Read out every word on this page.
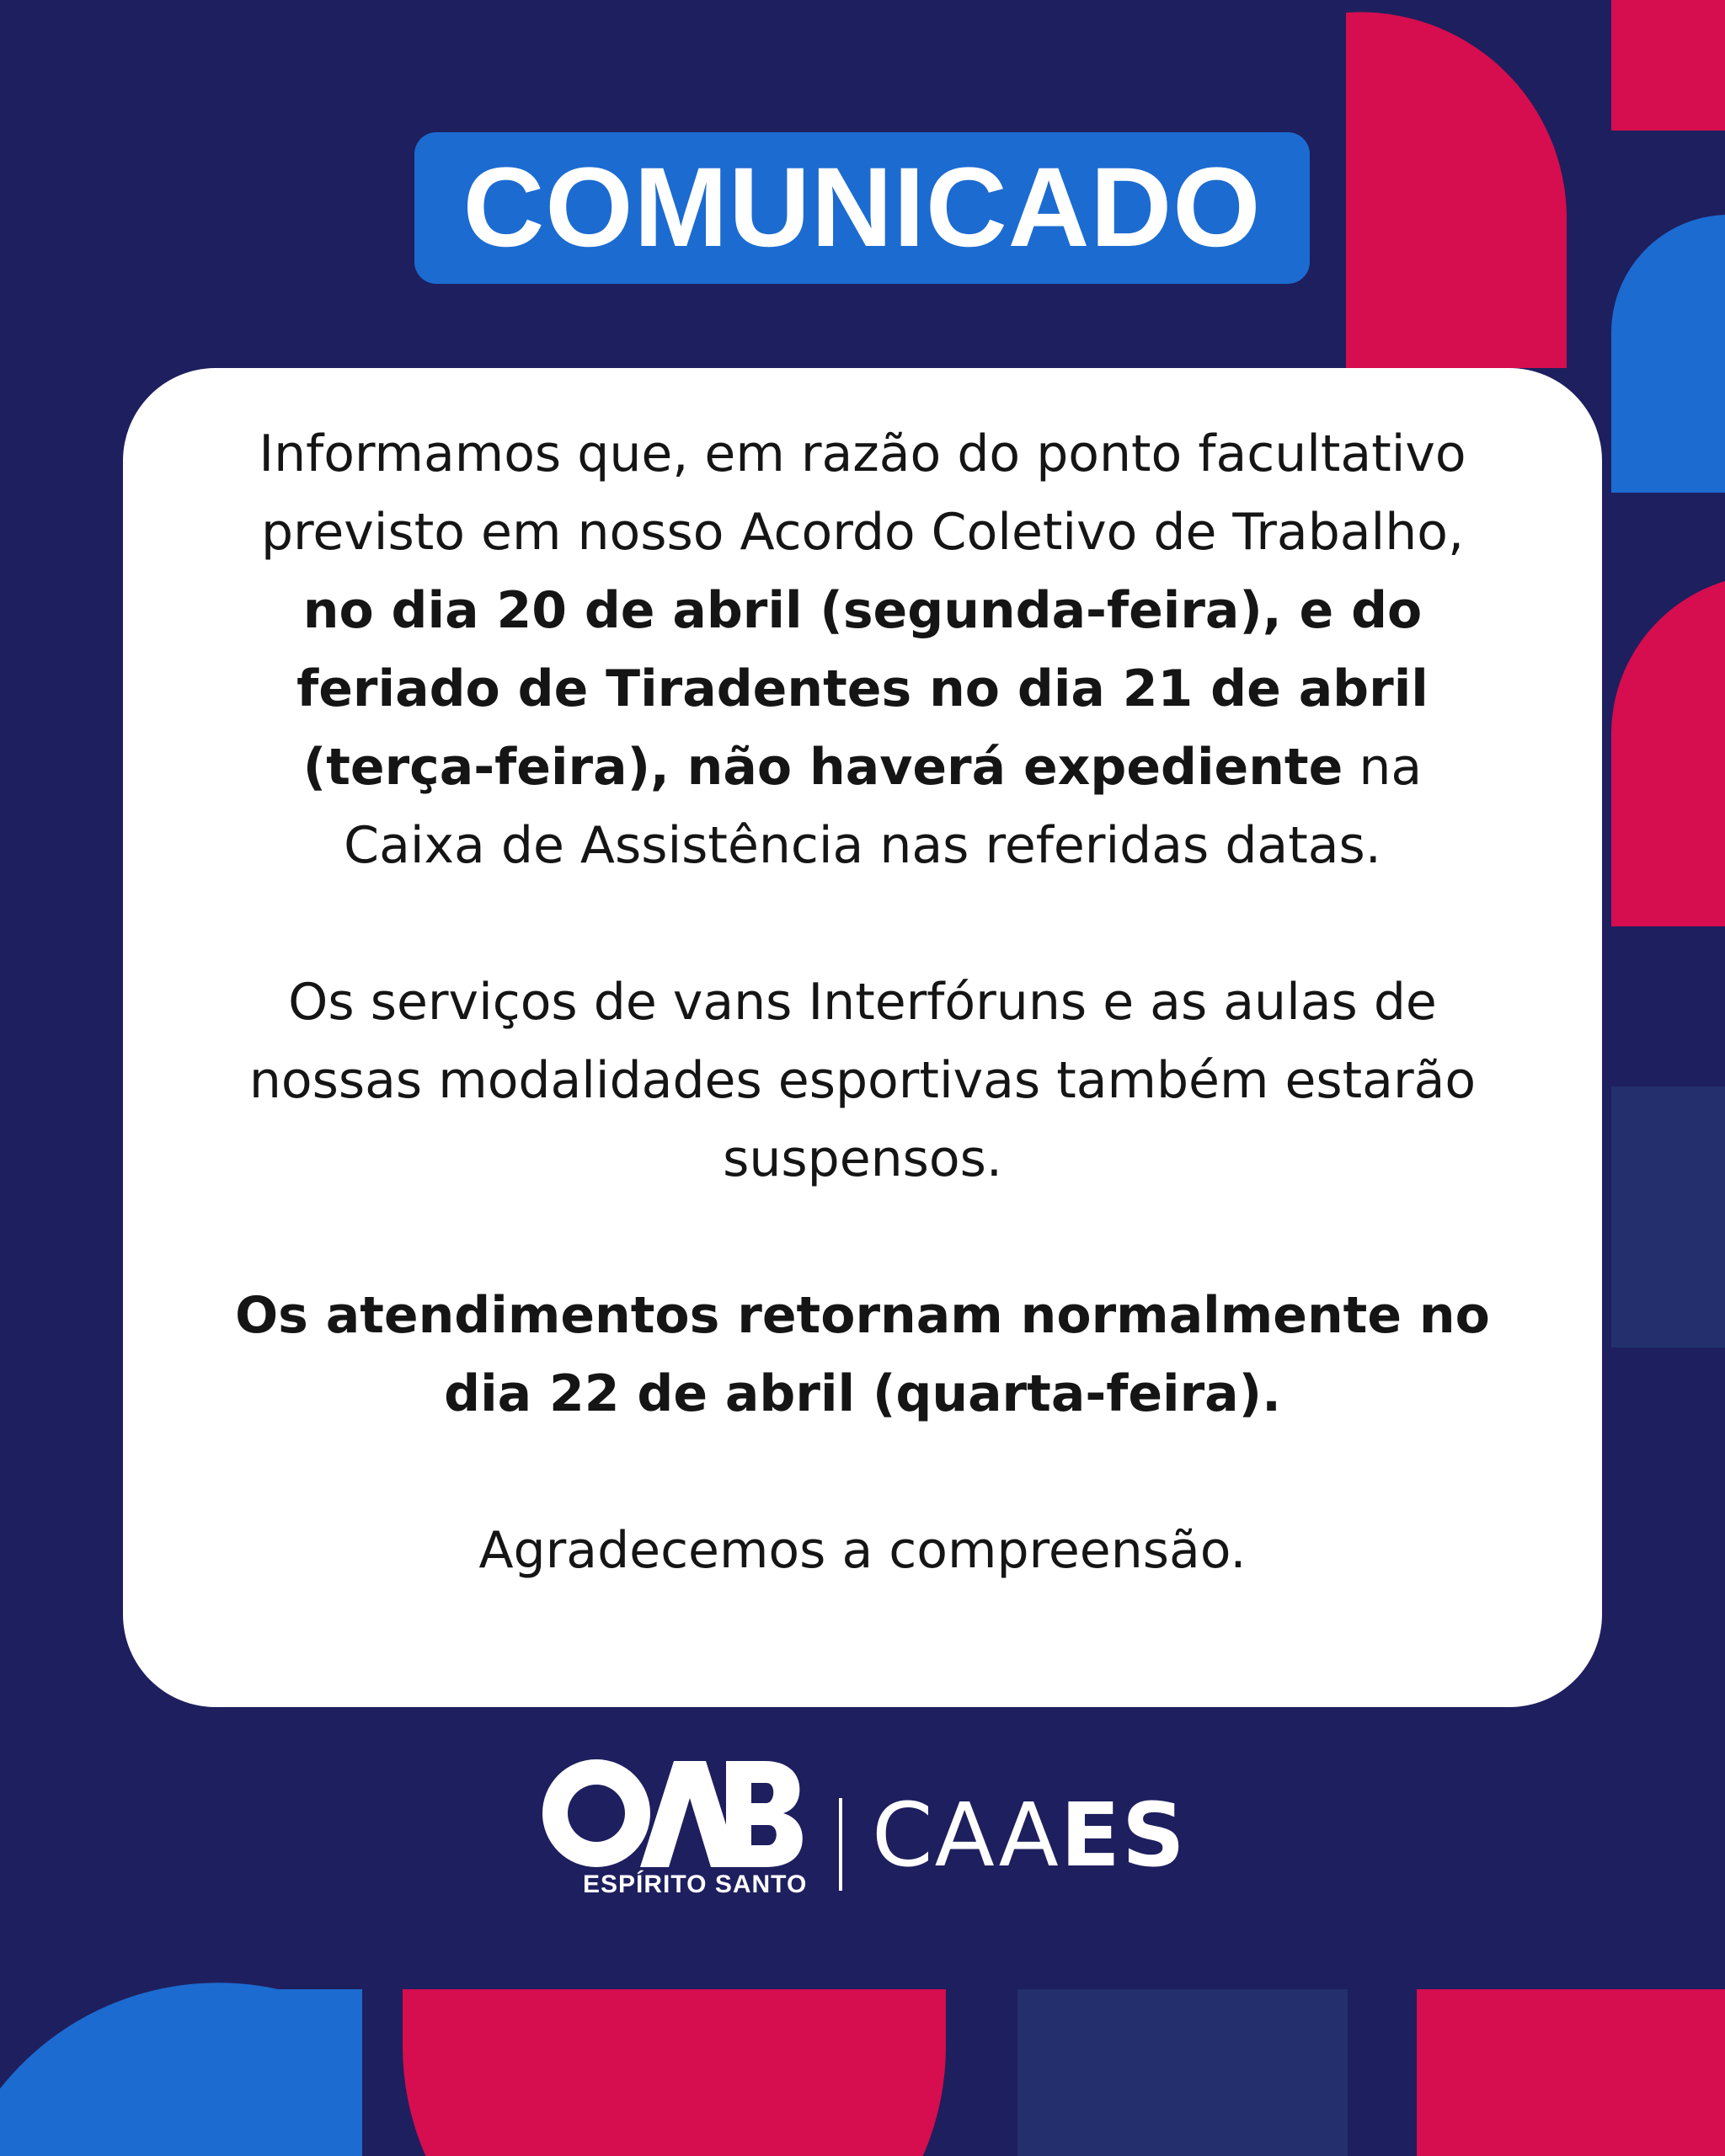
COMUNICADO

Informamos que, em razão do ponto facultativo previsto em nosso Acordo Coletivo de Trabalho, no dia 20 de abril (segunda-feira), e do feriado de Tiradentes no dia 21 de abril (terça-feira), não haverá expediente na Caixa de Assistência nas referidas datas.

Os serviços de vans Interfóruns e as aulas de nossas modalidades esportivas também estarão suspensos.

Os atendimentos retornam normalmente no dia 22 de abril (quarta-feira).

Agradecemos a compreensão.

ESPÍRITO SANTO CAAES
